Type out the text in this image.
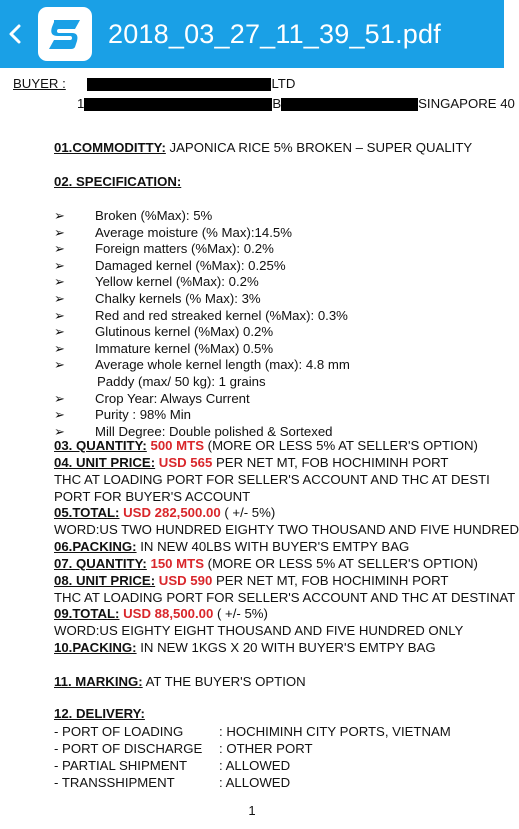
2018_03_27_11_39_51.pdf
BUYER :	LTD
1	B	SINGAPORE 40
01.COMMODITTY: JAPONICA RICE 5% BROKEN – SUPER QUALITY
02. SPECIFICATION:
➢ Broken (%Max): 5%
➢ Average moisture (% Max):14.5%
➢ Foreign matters (%Max): 0.2%
➢ Damaged kernel (%Max): 0.25%
➢ Yellow kernel (%Max): 0.2%
➢ Chalky kernels (% Max): 3%
➢ Red and red streaked kernel (%Max): 0.3%
➢ Glutinous kernel (%Max) 0.2%
➢ Immature kernel (%Max) 0.5%
➢ Average whole kernel length (max): 4.8 mm
Paddy (max/ 50 kg): 1 grains
➢ Crop Year: Always Current
➢ Purity : 98% Min
➢ Mill Degree: Double polished & Sortexed
03. QUANTITY: 500 MTS (MORE OR LESS 5% AT SELLER'S OPTION)
04. UNIT PRICE: USD 565 PER NET MT, FOB HOCHIMINH PORT
THC AT LOADING PORT FOR SELLER'S ACCOUNT AND THC AT DESTI
PORT FOR BUYER'S ACCOUNT
05.TOTAL: USD 282,500.00 ( +/- 5%)
WORD:US TWO HUNDRED EIGHTY TWO THOUSAND AND FIVE HUNDRED
06.PACKING: IN NEW 40LBS WITH BUYER'S EMTPY BAG
07. QUANTITY: 150 MTS (MORE OR LESS 5% AT SELLER'S OPTION)
08. UNIT PRICE: USD 590 PER NET MT, FOB HOCHIMINH PORT
THC AT LOADING PORT FOR SELLER'S ACCOUNT AND THC AT DESTINAT
09.TOTAL: USD 88,500.00 ( +/- 5%)
WORD:US EIGHTY EIGHT THOUSAND AND FIVE HUNDRED ONLY
10.PACKING: IN NEW 1KGS X 20 WITH BUYER'S EMTPY BAG
11. MARKING: AT THE BUYER'S OPTION
12. DELIVERY:
- PORT OF LOADING	: HOCHIMINH CITY PORTS, VIETNAM
- PORT OF DISCHARGE : OTHER PORT
- PARTIAL SHIPMENT : ALLOWED
- TRANSSHIPMENT	: ALLOWED
1
